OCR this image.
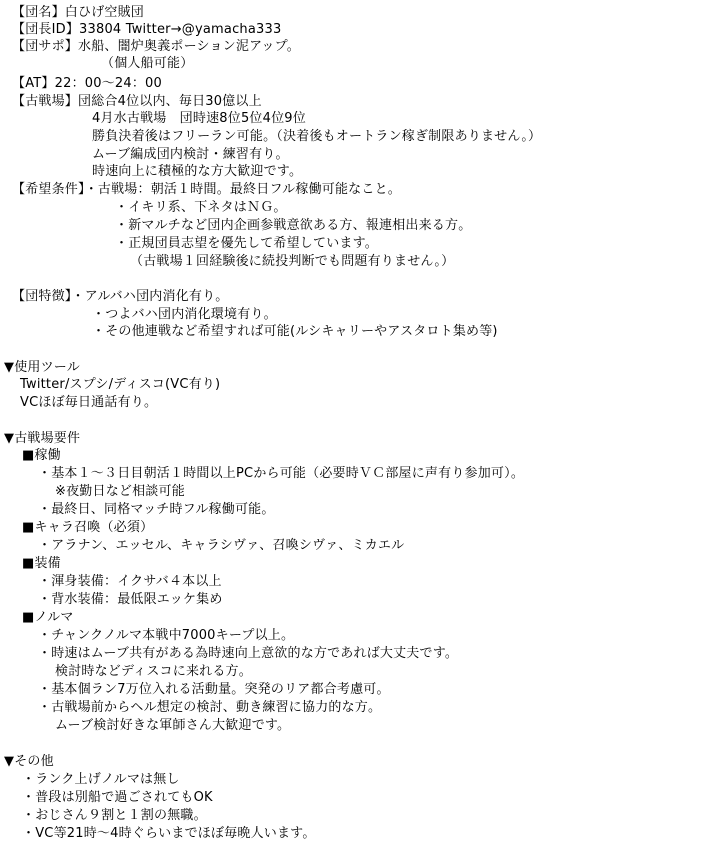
【団名】白ひげ空賊団
【団長ID】33804 Twitter→@yamacha333
【団サポ】水船、闇炉奥義ポーション泥アップ。
（個人船可能）
【AT】22：00～24：00
【古戦場】団総合4位以内、毎日30億以上
4月水古戦場　団時速8位5位4位9位
勝負決着後はフリーラン可能。（決着後もオートラン稼ぎ制限ありません。）
ムーブ編成団内検討・練習有り。
時速向上に積極的な方大歓迎です。
【希望条件】・古戦場：朝活１時間。最終日フル稼働可能なこと。
・イキリ系、下ネタはＮＧ。
・新マルチなど団内企画参戦意欲ある方、報連相出来る方。
・正規団員志望を優先して希望しています。
（古戦場１回経験後に続投判断でも問題有りません。）
【団特徴】・アルバハ団内消化有り。
・つよバハ団内消化環境有り。
・その他連戦など希望すれば可能(ルシキャリーやアスタロト集め等)
▼使用ツール
Twitter/スプシ/ディスコ(VC有り)
VCほぼ毎日通話有り。
▼古戦場要件
■稼働
・基本１～３日目朝活１時間以上PCから可能（必要時ＶＣ部屋に声有り参加可）。
※夜勤日など相談可能
・最終日、同格マッチ時フル稼働可能。
■キャラ召喚（必須）
・アラナン、エッセル、キャラシヴァ、召喚シヴァ、ミカエル
■装備
・渾身装備：イクサバ４本以上
・背水装備：最低限エッケ集め
■ノルマ
・チャンクノルマ本戦中7000キープ以上。
・時速はムーブ共有がある為時速向上意欲的な方であれば大丈夫です。
検討時などディスコに来れる方。
・基本個ラン7万位入れる活動量。突発のリア都合考慮可。
・古戦場前からヘル想定の検討、動き練習に協力的な方。
ムーブ検討好きな軍師さん大歓迎です。
▼その他
・ランク上げノルマは無し
・普段は別船で過ごされてもOK
・おじさん９割と１割の無職。
・VC等21時～4時ぐらいまでほぼ毎晩人います。
